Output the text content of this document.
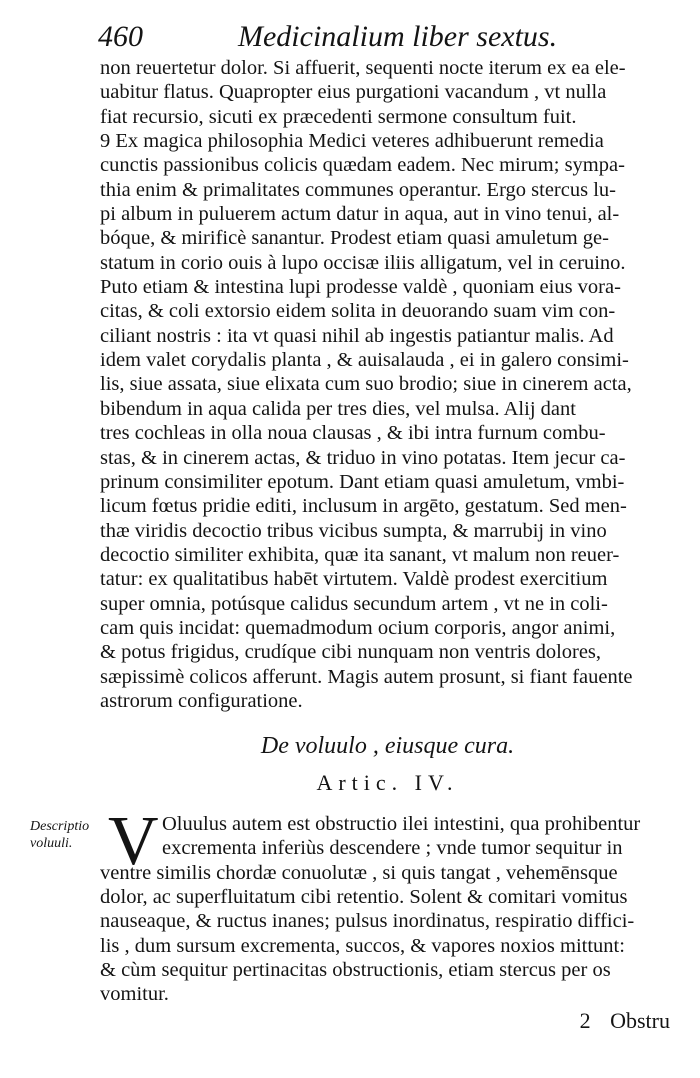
460	Medicinalium liber sextus.
non reuertetur dolor. Si affuerit, sequenti nocte iterum ex ea ele-
uabitur flatus. Quapropter eius purgationi vacandum , vt nulla
fiat recursio, sicuti ex præcedenti sermone consultum fuit.
9 Ex magica philosophia Medici veteres adhibuerunt remedia
cunctis passionibus colicis quædam eadem. Nec mirum; sympa-
thia enim & primalitates communes operantur. Ergo stercus lu-
pi album in puluerem actum datur in aqua, aut in vino tenui, al-
bóque, & mirificè sanantur. Prodest etiam quasi amuletum ge-
statum in corio ouis à lupo occisæ iliis alligatum, vel in ceruino.
Puto etiam & intestina lupi prodesse valdè , quoniam eius vora-
citas, & coli extorsio eidem solita in deuorando suam vim con-
ciliant nostris : ita vt quasi nihil ab ingestis patiantur malis. Ad
idem valet corydalis planta , & auisalauda , ei in galero consimi-
lis, siue assata, siue elixata cum suo brodio; siue in cinerem acta,
bibendum in aqua calida per tres dies, vel mulsa. Alij dant
tres cochleas in olla noua clausas , & ibi intra furnum combu-
stas, & in cinerem actas, & triduo in vino potatas. Item jecur ca-
prinum consimiliter epotum. Dant etiam quasi amuletum, vmbi-
licum fœtus pridie editi, inclusum in argēto, gestatum. Sed men-
thæ viridis decoctio tribus vicibus sumpta, & marrubij in vino
decoctio similiter exhibita, quæ ita sanant, vt malum non reuer-
tatur: ex qualitatibus habēt virtutem. Valdè prodest exercitium
super omnia, potúsque calidus secundum artem , vt ne in coli-
cam quis incidat: quemadmodum ocium corporis, angor animi,
& potus frigidus, crudíque cibi nunquam non ventris dolores,
sæpissimè colicos afferunt. Magis autem prosunt, si fiant fauente
astrorum configuratione.
De voluulo , eiusque cura.
Artic. IV.
Descriptio voluuli. V Oluulus autem est obstructio ilei intestini, qua prohibentur
excrementa inferiùs descendere ; vnde tumor sequitur in
ventre similis chordæ conuolutæ , si quis tangat , vehemēnsque
dolor, ac superfluitatum cibi retentio. Solent & comitari vomitus
nauseaque, & ructus inanes; pulsus inordinatus, respiratio diffici-
lis , dum sursum excrementa, succos, & vapores noxios mittunt:
& cùm sequitur pertinacitas obstructionis, etiam stercus per os
vomitur.
2 Obstru
